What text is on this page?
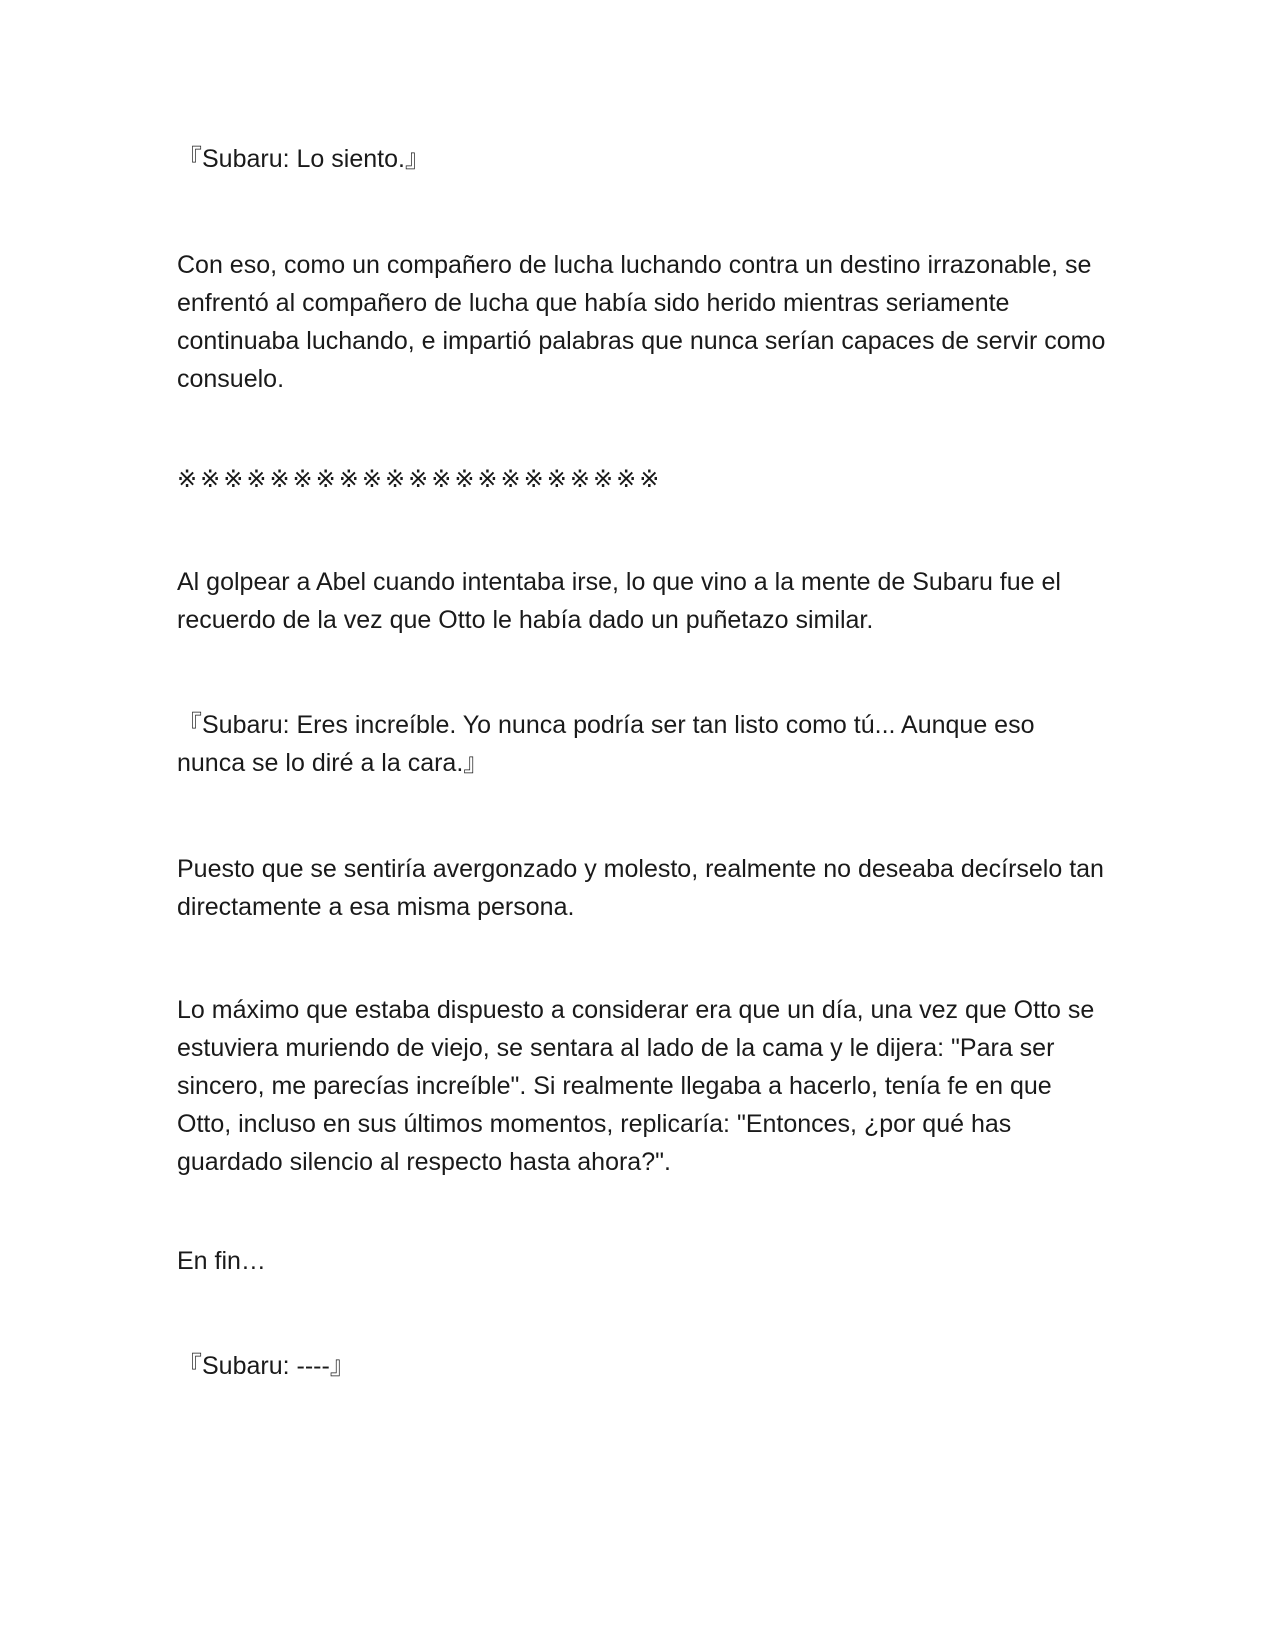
『Subaru: Lo siento.』

Con eso, como un compañero de lucha luchando contra un destino irrazonable, se enfrentó al compañero de lucha que había sido herido mientras seriamente continuaba luchando, e impartió palabras que nunca serían capaces de servir como consuelo.

※※※※※※※※※※※※※※※※※※※※※

Al golpear a Abel cuando intentaba irse, lo que vino a la mente de Subaru fue el recuerdo de la vez que Otto le había dado un puñetazo similar.

『Subaru: Eres increíble. Yo nunca podría ser tan listo como tú... Aunque eso nunca se lo diré a la cara.』

Puesto que se sentiría avergonzado y molesto, realmente no deseaba decírselo tan directamente a esa misma persona.

Lo máximo que estaba dispuesto a considerar era que un día, una vez que Otto se estuviera muriendo de viejo, se sentara al lado de la cama y le dijera: "Para ser sincero, me parecías increíble". Si realmente llegaba a hacerlo, tenía fe en que Otto, incluso en sus últimos momentos, replicaría: "Entonces, ¿por qué has guardado silencio al respecto hasta ahora?".

En fin…

『Subaru: ----』
